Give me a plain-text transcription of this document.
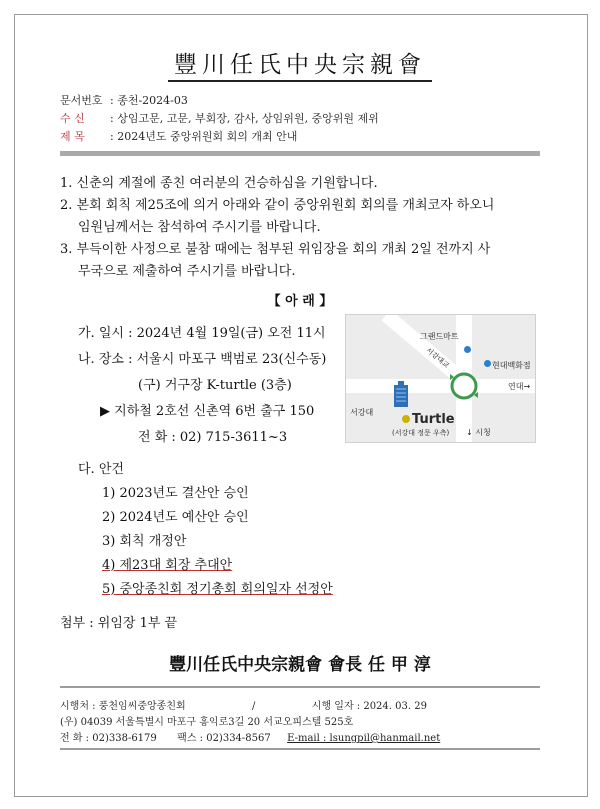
豐川任氏中央宗親會
문서번호 : 종천-2024-03
수 신 : 상임고문, 고문, 부회장, 감사, 상임위원, 중앙위원 제위
제 목 : 2024년도 중앙위원회 회의 개최 안내
1. 신춘의 계절에 종친 여러분의 건승하심을 기원합니다.
2. 본회 회칙 제25조에 의거 아래와 같이 중앙위원회 회의를 개최코자 하오니
임원님께서는 참석하여 주시기를 바랍니다.
3. 부득이한 사정으로 불참 때에는 첨부된 위임장을 회의 개최 2일 전까지 사
무국으로 제출하여 주시기를 바랍니다.
【 아 래 】
가. 일시 : 2024년 4월 19일(금) 오전 11시
나. 장소 : 서울시 마포구 백범로 23(신수동)
(구) 거구장 K-turtle (3층)
▶ 지하철 2호선 신촌역 6번 출구 150
전 화 : 02) 715-3611~3
그랜드마트
현대백화점
연대→
서강대	Turtle
(서강대 정문 우측) ↓ 시청
서강대교
다. 안건
1) 2023년도 결산안 승인
2) 2024년도 예산안 승인
3) 회칙 개정안
4) 제23대 회장 추대안
5) 중앙종친회 정기총회 회의일자 선정안
첨부 : 위임장 1부 끝
豐川任氏中央宗親會 會長 任 甲 淳
시행처 : 풍천임씨중앙종친회	/	시행 일자 : 2024. 03. 29
(우) 04039 서울특별시 마포구 홍익로3길 20 서교오피스텔 525호
전 화 : 02)338-6179 팩스 : 02)334-8567 E-mail : lsungpil@hanmail.net
